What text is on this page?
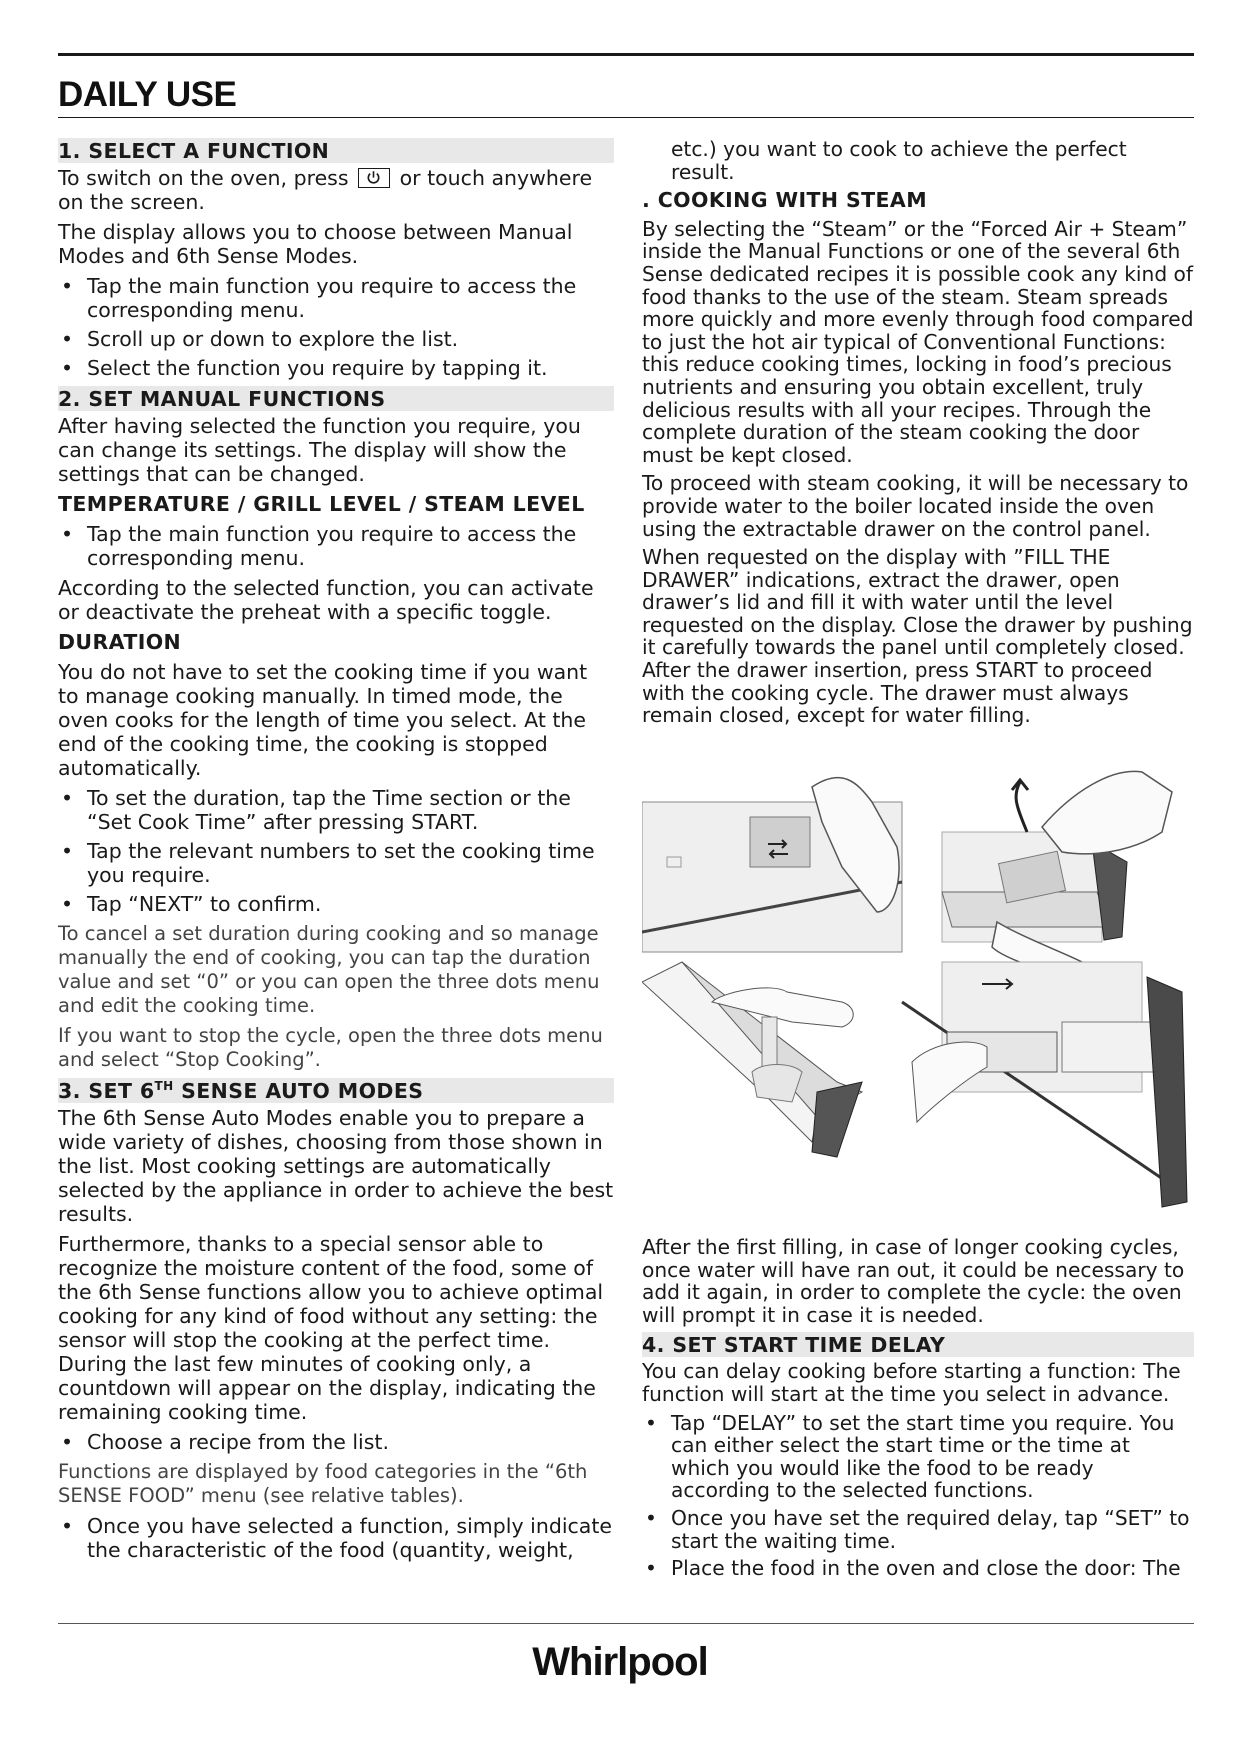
DAILY USE
1. SELECT A FUNCTION

To switch on the oven, press or touch anywhere on the screen.

The display allows you to choose between Manual Modes and 6th Sense Modes.

• Tap the main function you require to access the corresponding menu.
• Scroll up or down to explore the list.
• Select the function you require by tapping it.
2. SET MANUAL FUNCTIONS

After having selected the function you require, you can change its settings. The display will show the settings that can be changed.

TEMPERATURE / GRILL LEVEL / STEAM LEVEL
• Tap the main function you require to access the corresponding menu.

According to the selected function, you can activate or deactivate the preheat with a specific toggle.

DURATION

You do not have to set the cooking time if you want to manage cooking manually. In timed mode, the oven cooks for the length of time you select. At the end of the cooking time, the cooking is stopped automatically.

• To set the duration, tap the Time section or the “Set Cook Time” after pressing START.
• Tap the relevant numbers to set the cooking time you require.
• Tap “NEXT” to confirm.

To cancel a set duration during cooking and so manage manually the end of cooking, you can tap the duration value and set “0” or you can open the three dots menu and edit the cooking time.

If you want to stop the cycle, open the three dots menu and select “Stop Cooking”.

3. SET 6TH SENSE AUTO MODES

The 6th Sense Auto Modes enable you to prepare a wide variety of dishes, choosing from those shown in the list. Most cooking settings are automatically selected by the appliance in order to achieve the best results.

Furthermore, thanks to a special sensor able to recognize the moisture content of the food, some of the 6th Sense functions allow you to achieve optimal cooking for any kind of food without any setting: the sensor will stop the cooking at the perfect time. During the last few minutes of cooking only, a countdown will appear on the display, indicating the remaining cooking time.

• Choose a recipe from the list.

Functions are displayed by food categories in the “6th SENSE FOOD” menu (see relative tables).

• Once you have selected a function, simply indicate the characteristic of the food (quantity, weight,

etc.) you want to cook to achieve the perfect result.

. COOKING WITH STEAM

By selecting the “Steam” or the “Forced Air + Steam” inside the Manual Functions or one of the several 6th Sense dedicated recipes it is possible cook any kind of food thanks to the use of the steam. Steam spreads more quickly and more evenly through food compared to just the hot air typical of Conventional Functions: this reduce cooking times, locking in food’s precious nutrients and ensuring you obtain excellent, truly delicious results with all your recipes. Through the complete duration of the steam cooking the door must be kept closed.

To proceed with steam cooking, it will be necessary to provide water to the boiler located inside the oven using the extractable drawer on the control panel.

When requested on the display with ”FILL THE DRAWER” indications, extract the drawer, open drawer’s lid and fill it with water until the level requested on the display. Close the drawer by pushing it carefully towards the panel until completely closed. After the drawer insertion, press START to proceed with the cooking cycle. The drawer must always remain closed, except for water filling.

After the first filling, in case of longer cooking cycles, once water will have ran out, it could be necessary to add it again, in order to complete the cycle: the oven will prompt it in case it is needed.

4. SET START TIME DELAY

You can delay cooking before starting a function: The function will start at the time you select in advance.

• Tap “DELAY” to set the start time you require. You can either select the start time or the time at which you would like the food to be ready according to the selected functions.
• Once you have set the required delay, tap “SET” to start the waiting time.
• Place the food in the oven and close the door: The
Whirlpool
